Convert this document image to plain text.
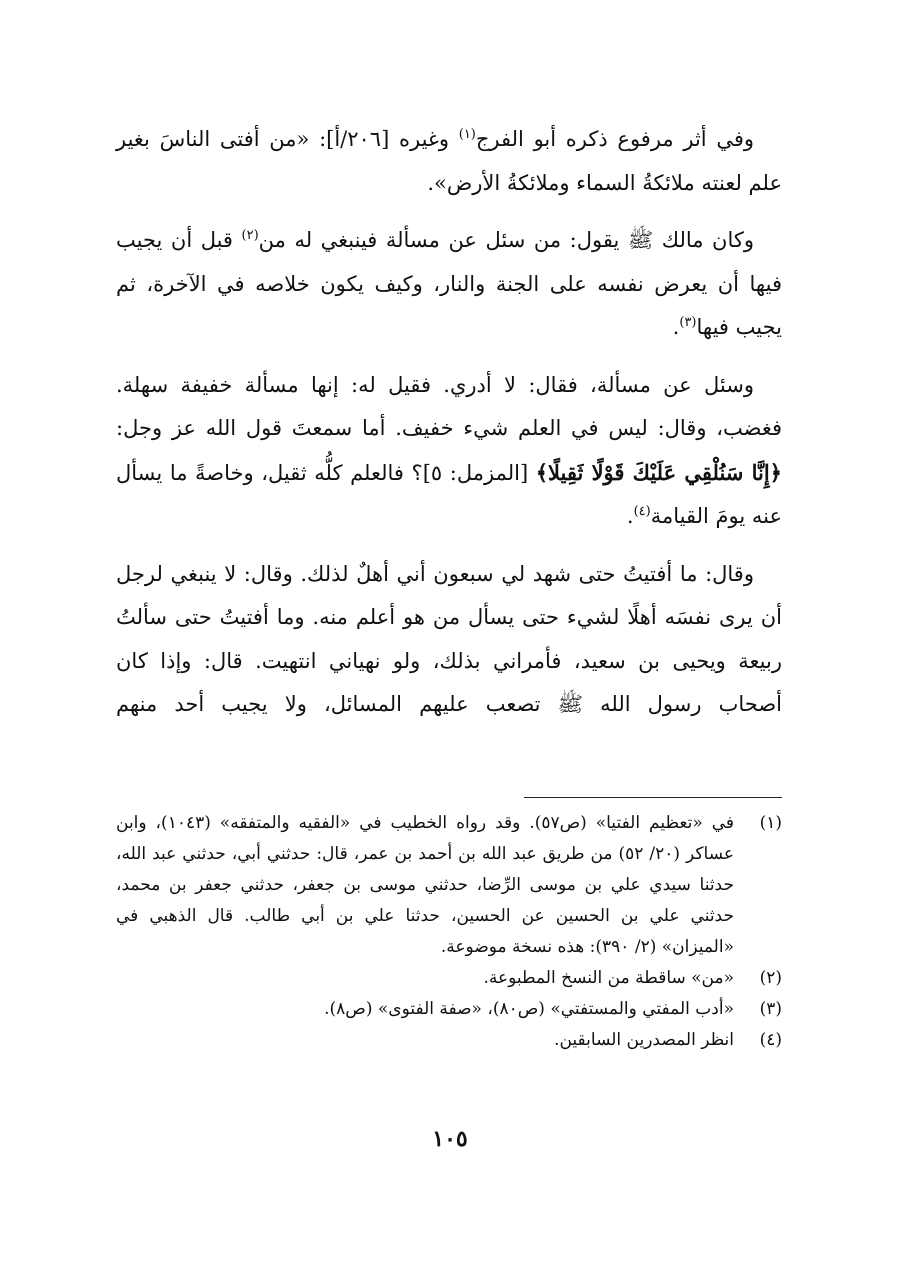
وفي أثر مرفوع ذكره أبو الفرج$^{(١)}$ وغيره [٢٠٦/أ]: «من أفتى الناسَ بغير علم لعنته ملائكةُ السماء وملائكةُ الأرض».

وكان مالك ﷺ يقول: من سئل عن مسألة فينبغي له من$^{(٢)}$ قبل أن يجيب فيها أن يعرض نفسه على الجنة والنار، وكيف يكون خلاصه في الآخرة، ثم يجيب فيها$^{(٣)}$.

وسئل عن مسألة، فقال: لا أدري. فقيل له: إنها مسألة خفيفة سهلة. فغضب، وقال: ليس في العلم شيء خفيف. أما سمعتَ قول الله عز وجل: ﴿إِنَّا سَنُلْقِي عَلَيْكَ قَوْلًا ثَقِيلًا﴾ [المزمل: ٥]؟ فالعلم كلُّه ثقيل، وخاصةً ما يسأل عنه يومَ القيامة$^{(٤)}$.

وقال: ما أفتيتُ حتى شهد لي سبعون أني أهلٌ لذلك. وقال: لا ينبغي لرجل أن يرى نفسَه أهلًا لشيء حتى يسأل من هو أعلم منه. وما أفتيتُ حتى سألتُ ربيعة ويحيى بن سعيد، فأمراني بذلك، ولو نهياني انتهيت. قال: وإذا كان أصحاب رسول الله ﷺ تصعب عليهم المسائل، ولا يجيب أحد منهم

(١)
في «تعظيم الفتيا» (ص٥٧). وقد رواه الخطيب في «الفقيه والمتفقه» (١٠٤٣)، وابن عساكر (٢٠/ ٥٢) من طريق عبد الله بن أحمد بن عمر، قال: حدثني أبي، حدثني عبد الله، حدثنا سيدي علي بن موسى الرِّضا، حدثني موسى بن جعفر، حدثني جعفر بن محمد، حدثني علي بن الحسين عن الحسين، حدثنا علي بن أبي طالب. قال الذهبي في «الميزان» (٢/ ٣٩٠): هذه نسخة موضوعة.
(٢)
«من» ساقطة من النسخ المطبوعة.
(٣)
«أدب المفتي والمستفتي» (ص٨٠)، «صفة الفتوى» (ص٨).
(٤)
انظر المصدرين السابقين.
١٠٥
